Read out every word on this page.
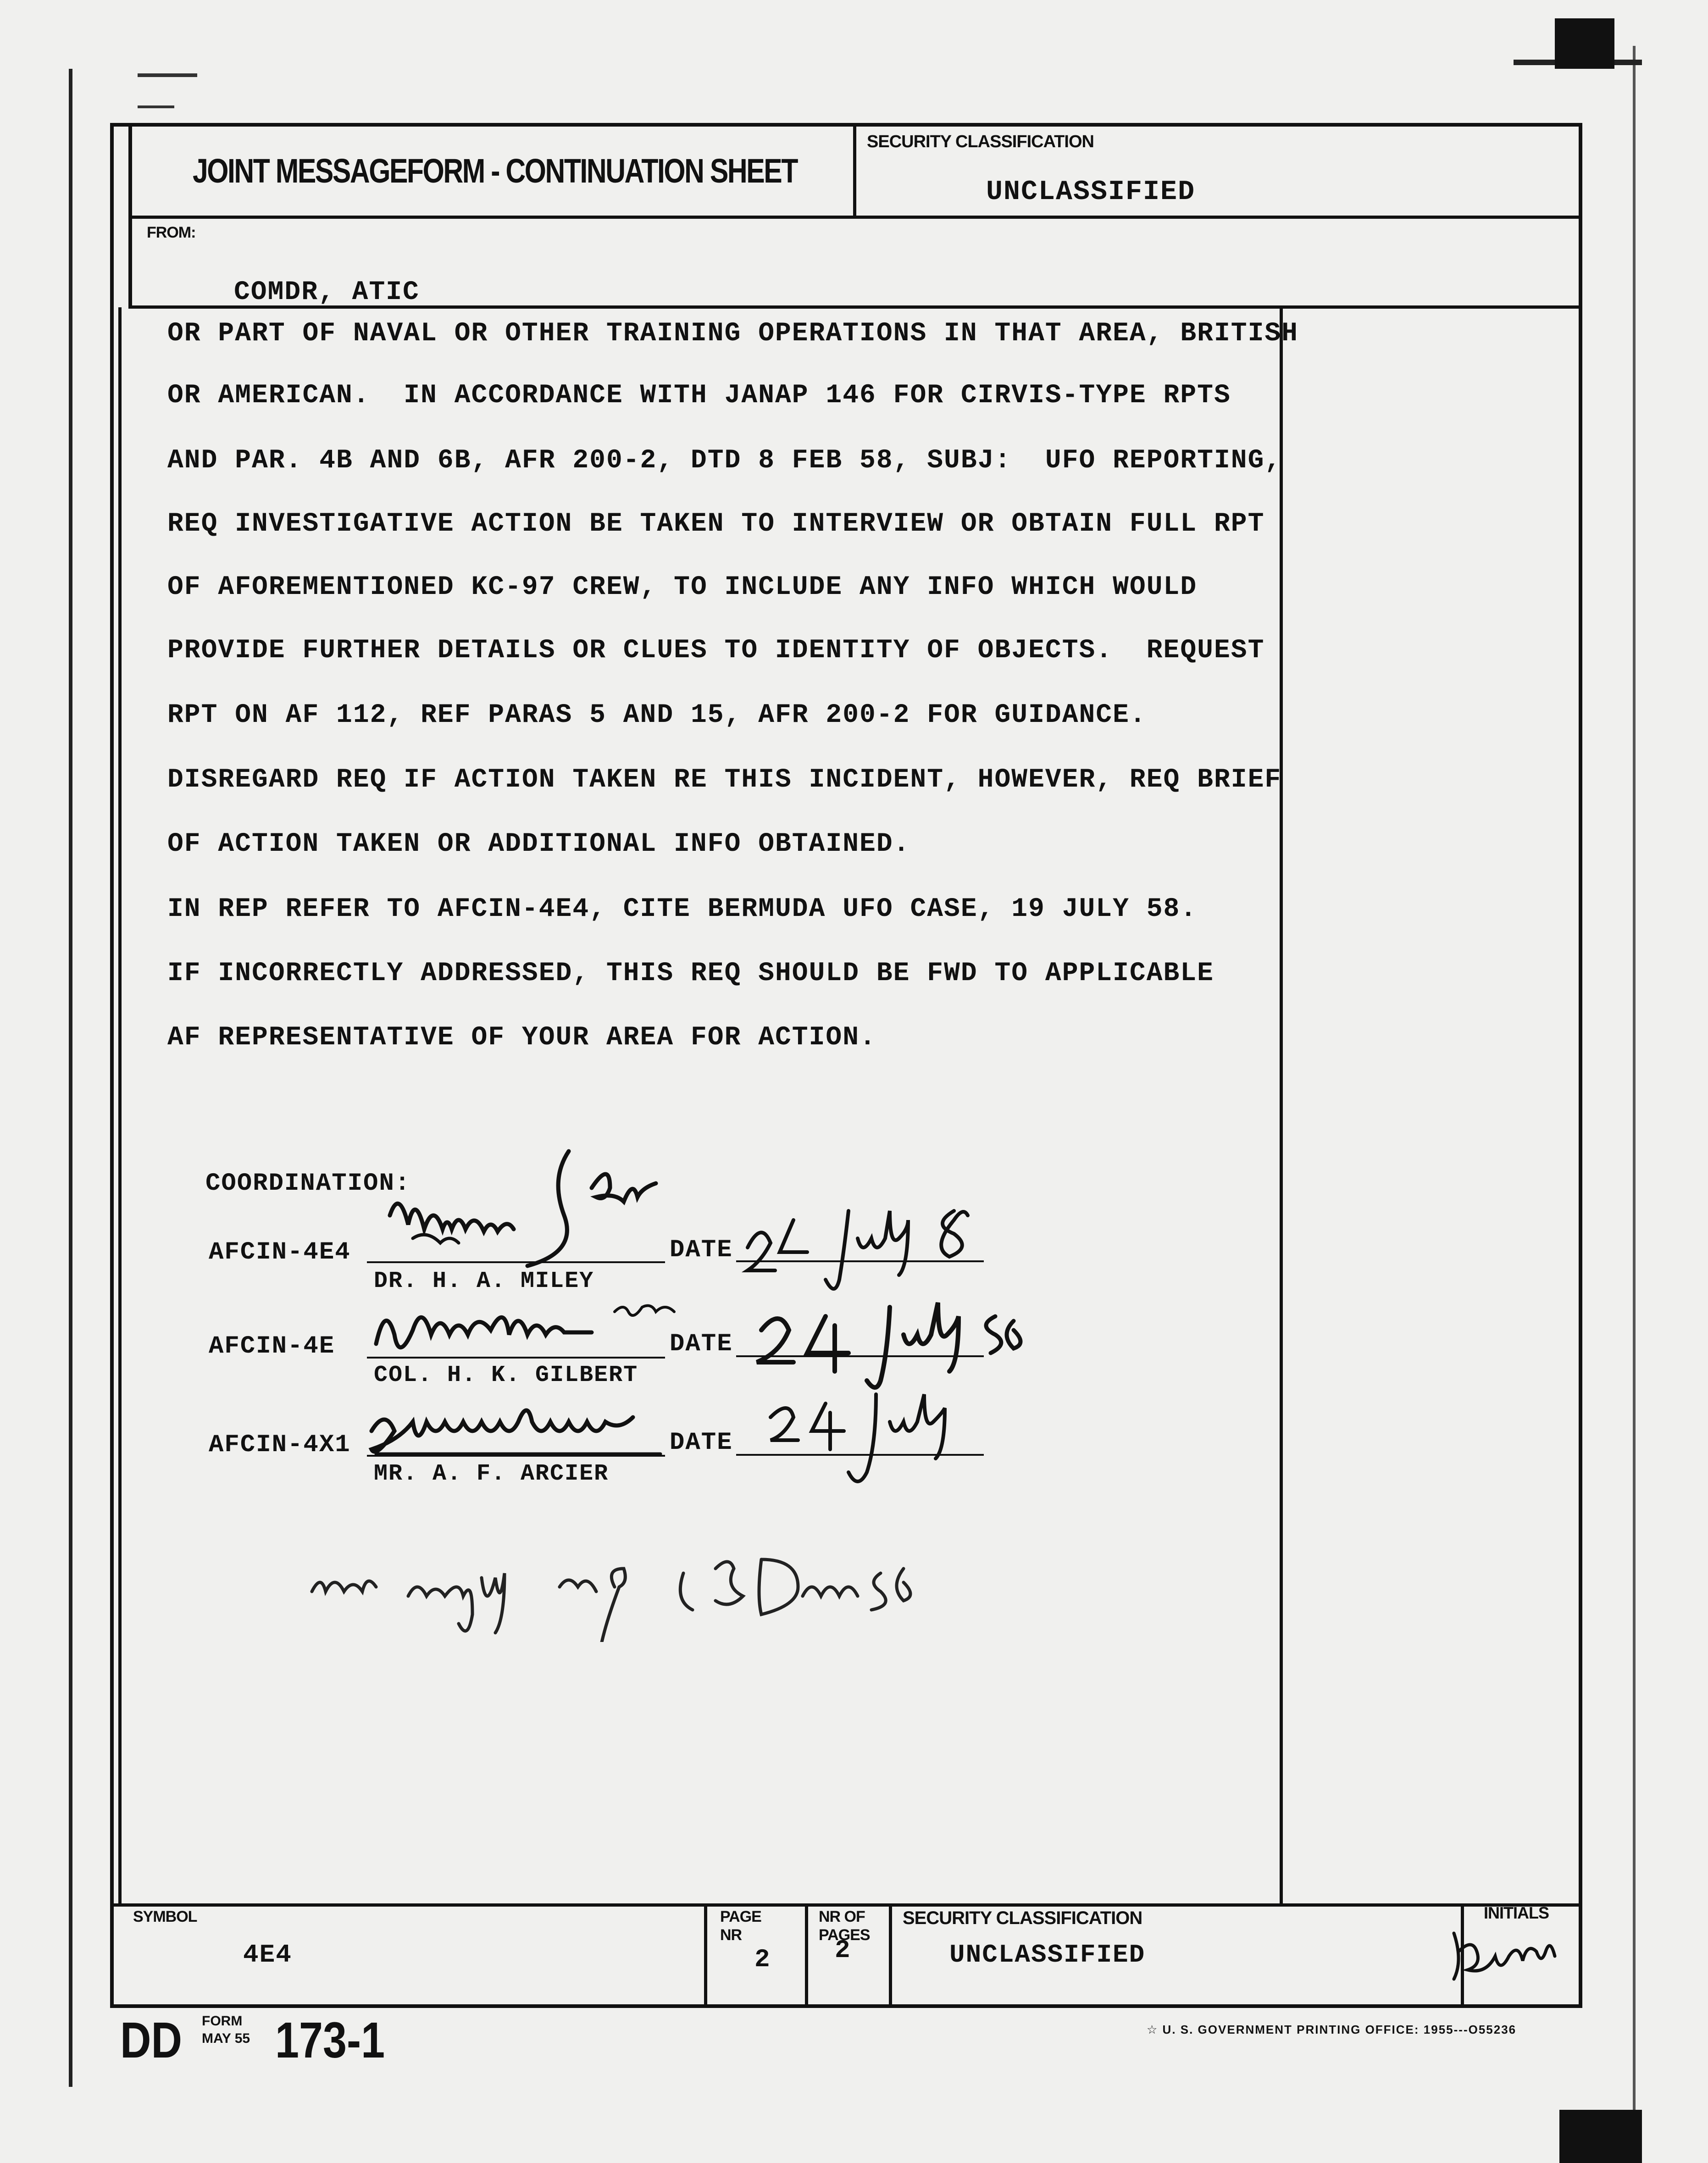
JOINT MESSAGEFORM - CONTINUATION SHEET
SECURITY CLASSIFICATION
UNCLASSIFIED
FROM:
COMDR, ATIC
OR PART OF NAVAL OR OTHER TRAINING OPERATIONS IN THAT AREA, BRITISH
OR AMERICAN.  IN ACCORDANCE WITH JANAP 146 FOR CIRVIS-TYPE RPTS
AND PAR. 4B AND 6B, AFR 200-2, DTD 8 FEB 58, SUBJ:  UFO REPORTING,
REQ INVESTIGATIVE ACTION BE TAKEN TO INTERVIEW OR OBTAIN FULL RPT
OF AFOREMENTIONED KC-97 CREW, TO INCLUDE ANY INFO WHICH WOULD
PROVIDE FURTHER DETAILS OR CLUES TO IDENTITY OF OBJECTS.  REQUEST
RPT ON AF 112, REF PARAS 5 AND 15, AFR 200-2 FOR GUIDANCE.
DISREGARD REQ IF ACTION TAKEN RE THIS INCIDENT, HOWEVER, REQ BRIEF
OF ACTION TAKEN OR ADDITIONAL INFO OBTAINED.
IN REP REFER TO AFCIN-4E4, CITE BERMUDA UFO CASE, 19 JULY 58.
IF INCORRECTLY ADDRESSED, THIS REQ SHOULD BE FWD TO APPLICABLE
AF REPRESENTATIVE OF YOUR AREA FOR ACTION.
COORDINATION:
AFCIN-4E4
DR. H. A. MILEY
DATE
AFCIN-4E
COL. H. K. GILBERT
DATE
AFCIN-4X1
MR. A. F. ARCIER
DATE
SYMBOL
4E4
PAGE
NR
2
NR OF
PAGES
2
SECURITY CLASSIFICATION
UNCLASSIFIED
INITIALS
DD FORM
MAY 55 173-1	☆ U. S. GOVERNMENT PRINTING OFFICE: 1955---O55236
